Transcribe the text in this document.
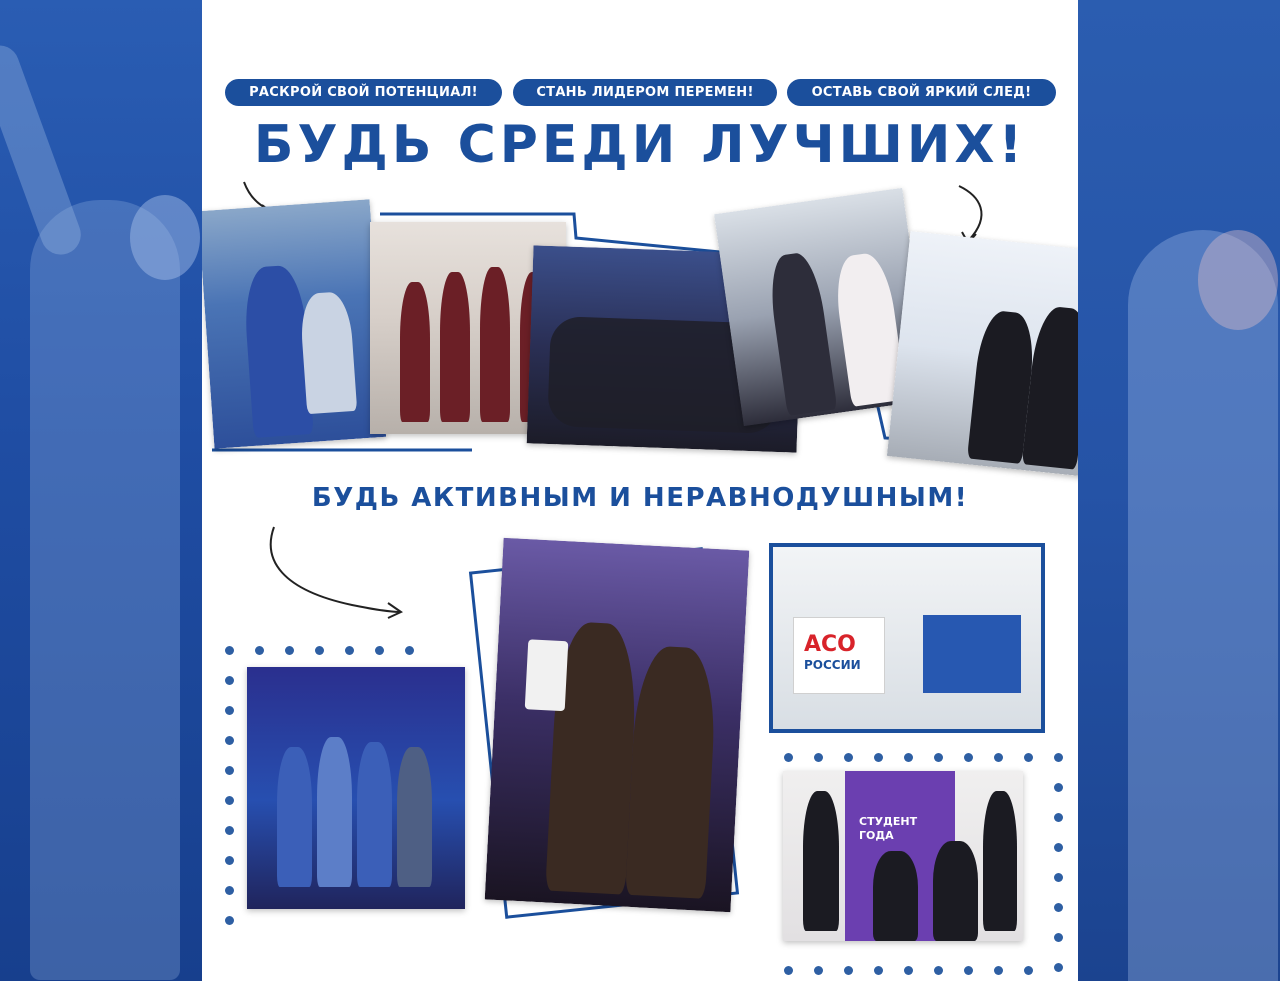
РАСКРОЙ СВОЙ ПОТЕНЦИАЛ!	СТАНЬ ЛИДЕРОМ ПЕРЕМЕН!	ОСТАВЬ СВОЙ ЯРКИЙ СЛЕД!
БУДЬ СРЕДИ ЛУЧШИХ!
БУДЬ АКТИВНЫМ И НЕРАВНОДУШНЫМ!
АСО
РОССИИ
СТУДЕНТ
ГОДА
